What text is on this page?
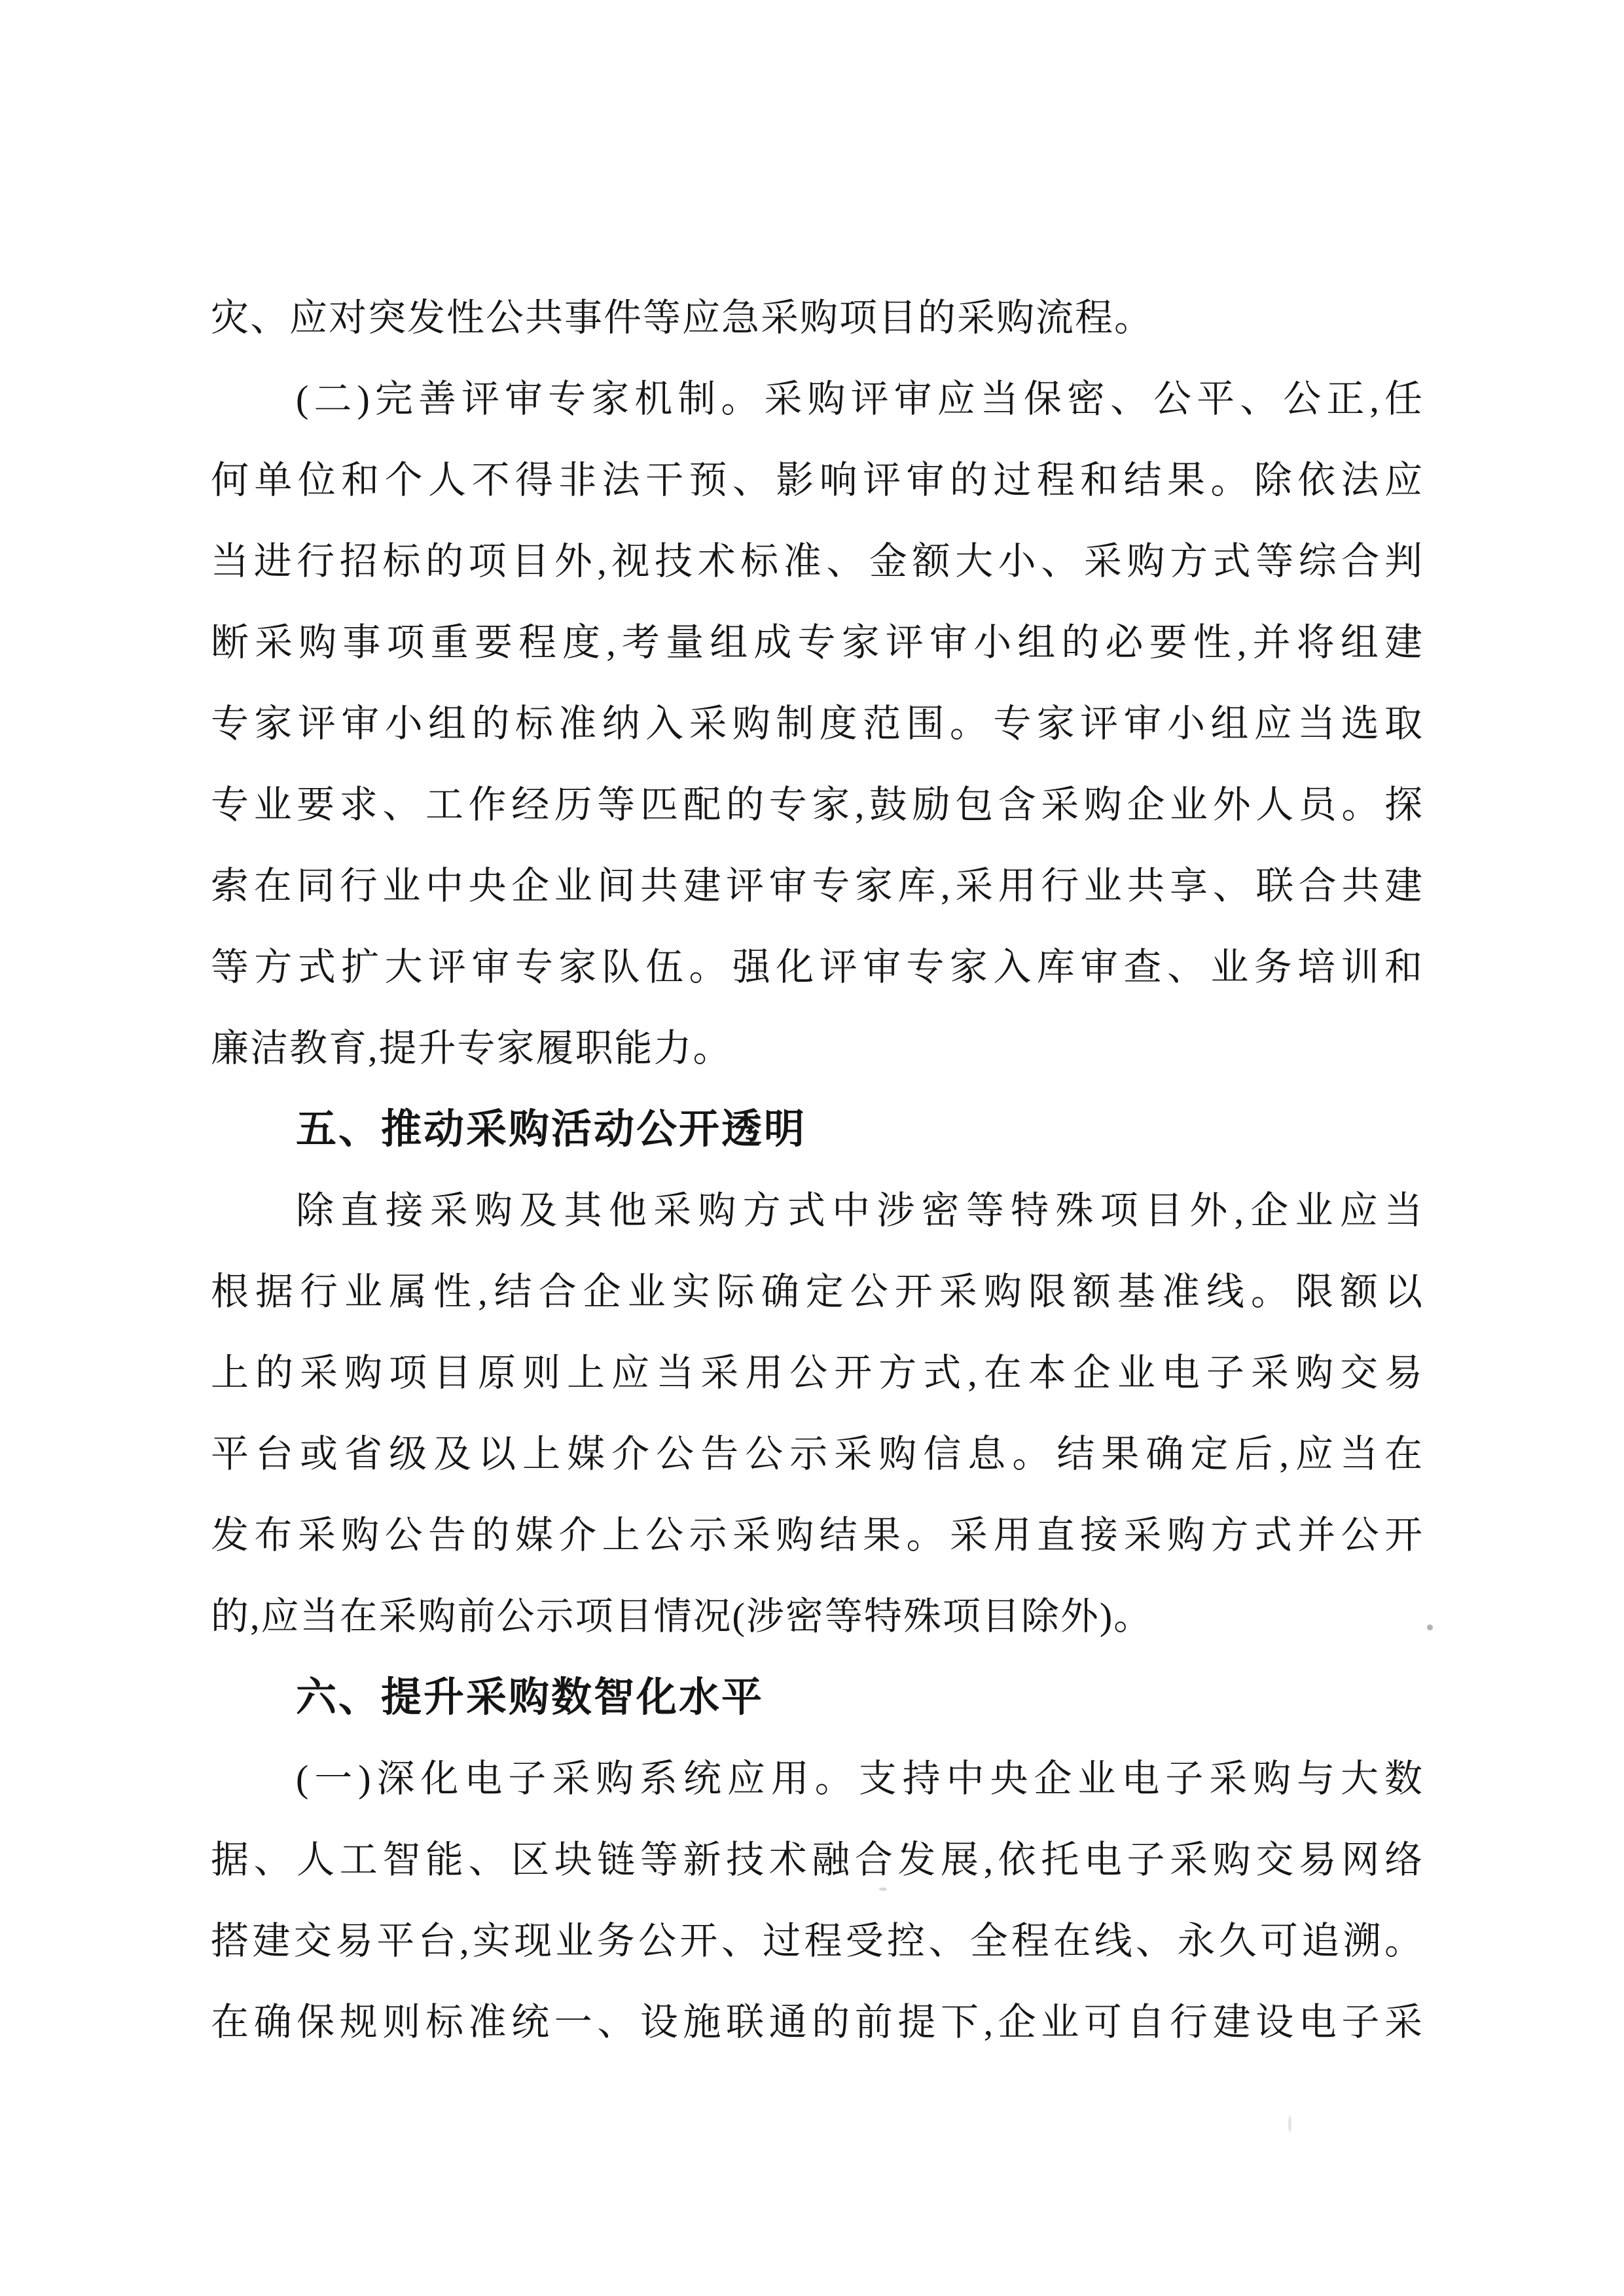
灾、应对突发性公共事件等应急采购项目的采购流程。
(二)完善评审专家机制。采购评审应当保密、公平、公正,任
何单位和个人不得非法干预、影响评审的过程和结果。除依法应
当进行招标的项目外,视技术标准、金额大小、采购方式等综合判
断采购事项重要程度,考量组成专家评审小组的必要性,并将组建
专家评审小组的标准纳入采购制度范围。专家评审小组应当选取
专业要求、工作经历等匹配的专家,鼓励包含采购企业外人员。探
索在同行业中央企业间共建评审专家库,采用行业共享、联合共建
等方式扩大评审专家队伍。强化评审专家入库审查、业务培训和
廉洁教育,提升专家履职能力。
五、推动采购活动公开透明
除直接采购及其他采购方式中涉密等特殊项目外,企业应当
根据行业属性,结合企业实际确定公开采购限额基准线。限额以
上的采购项目原则上应当采用公开方式,在本企业电子采购交易
平台或省级及以上媒介公告公示采购信息。结果确定后,应当在
发布采购公告的媒介上公示采购结果。采用直接采购方式并公开
的,应当在采购前公示项目情况(涉密等特殊项目除外)。
六、提升采购数智化水平
(一)深化电子采购系统应用。支持中央企业电子采购与大数
据、人工智能、区块链等新技术融合发展,依托电子采购交易网络
搭建交易平台,实现业务公开、过程受控、全程在线、永久可追溯。
在确保规则标准统一、设施联通的前提下,企业可自行建设电子采
